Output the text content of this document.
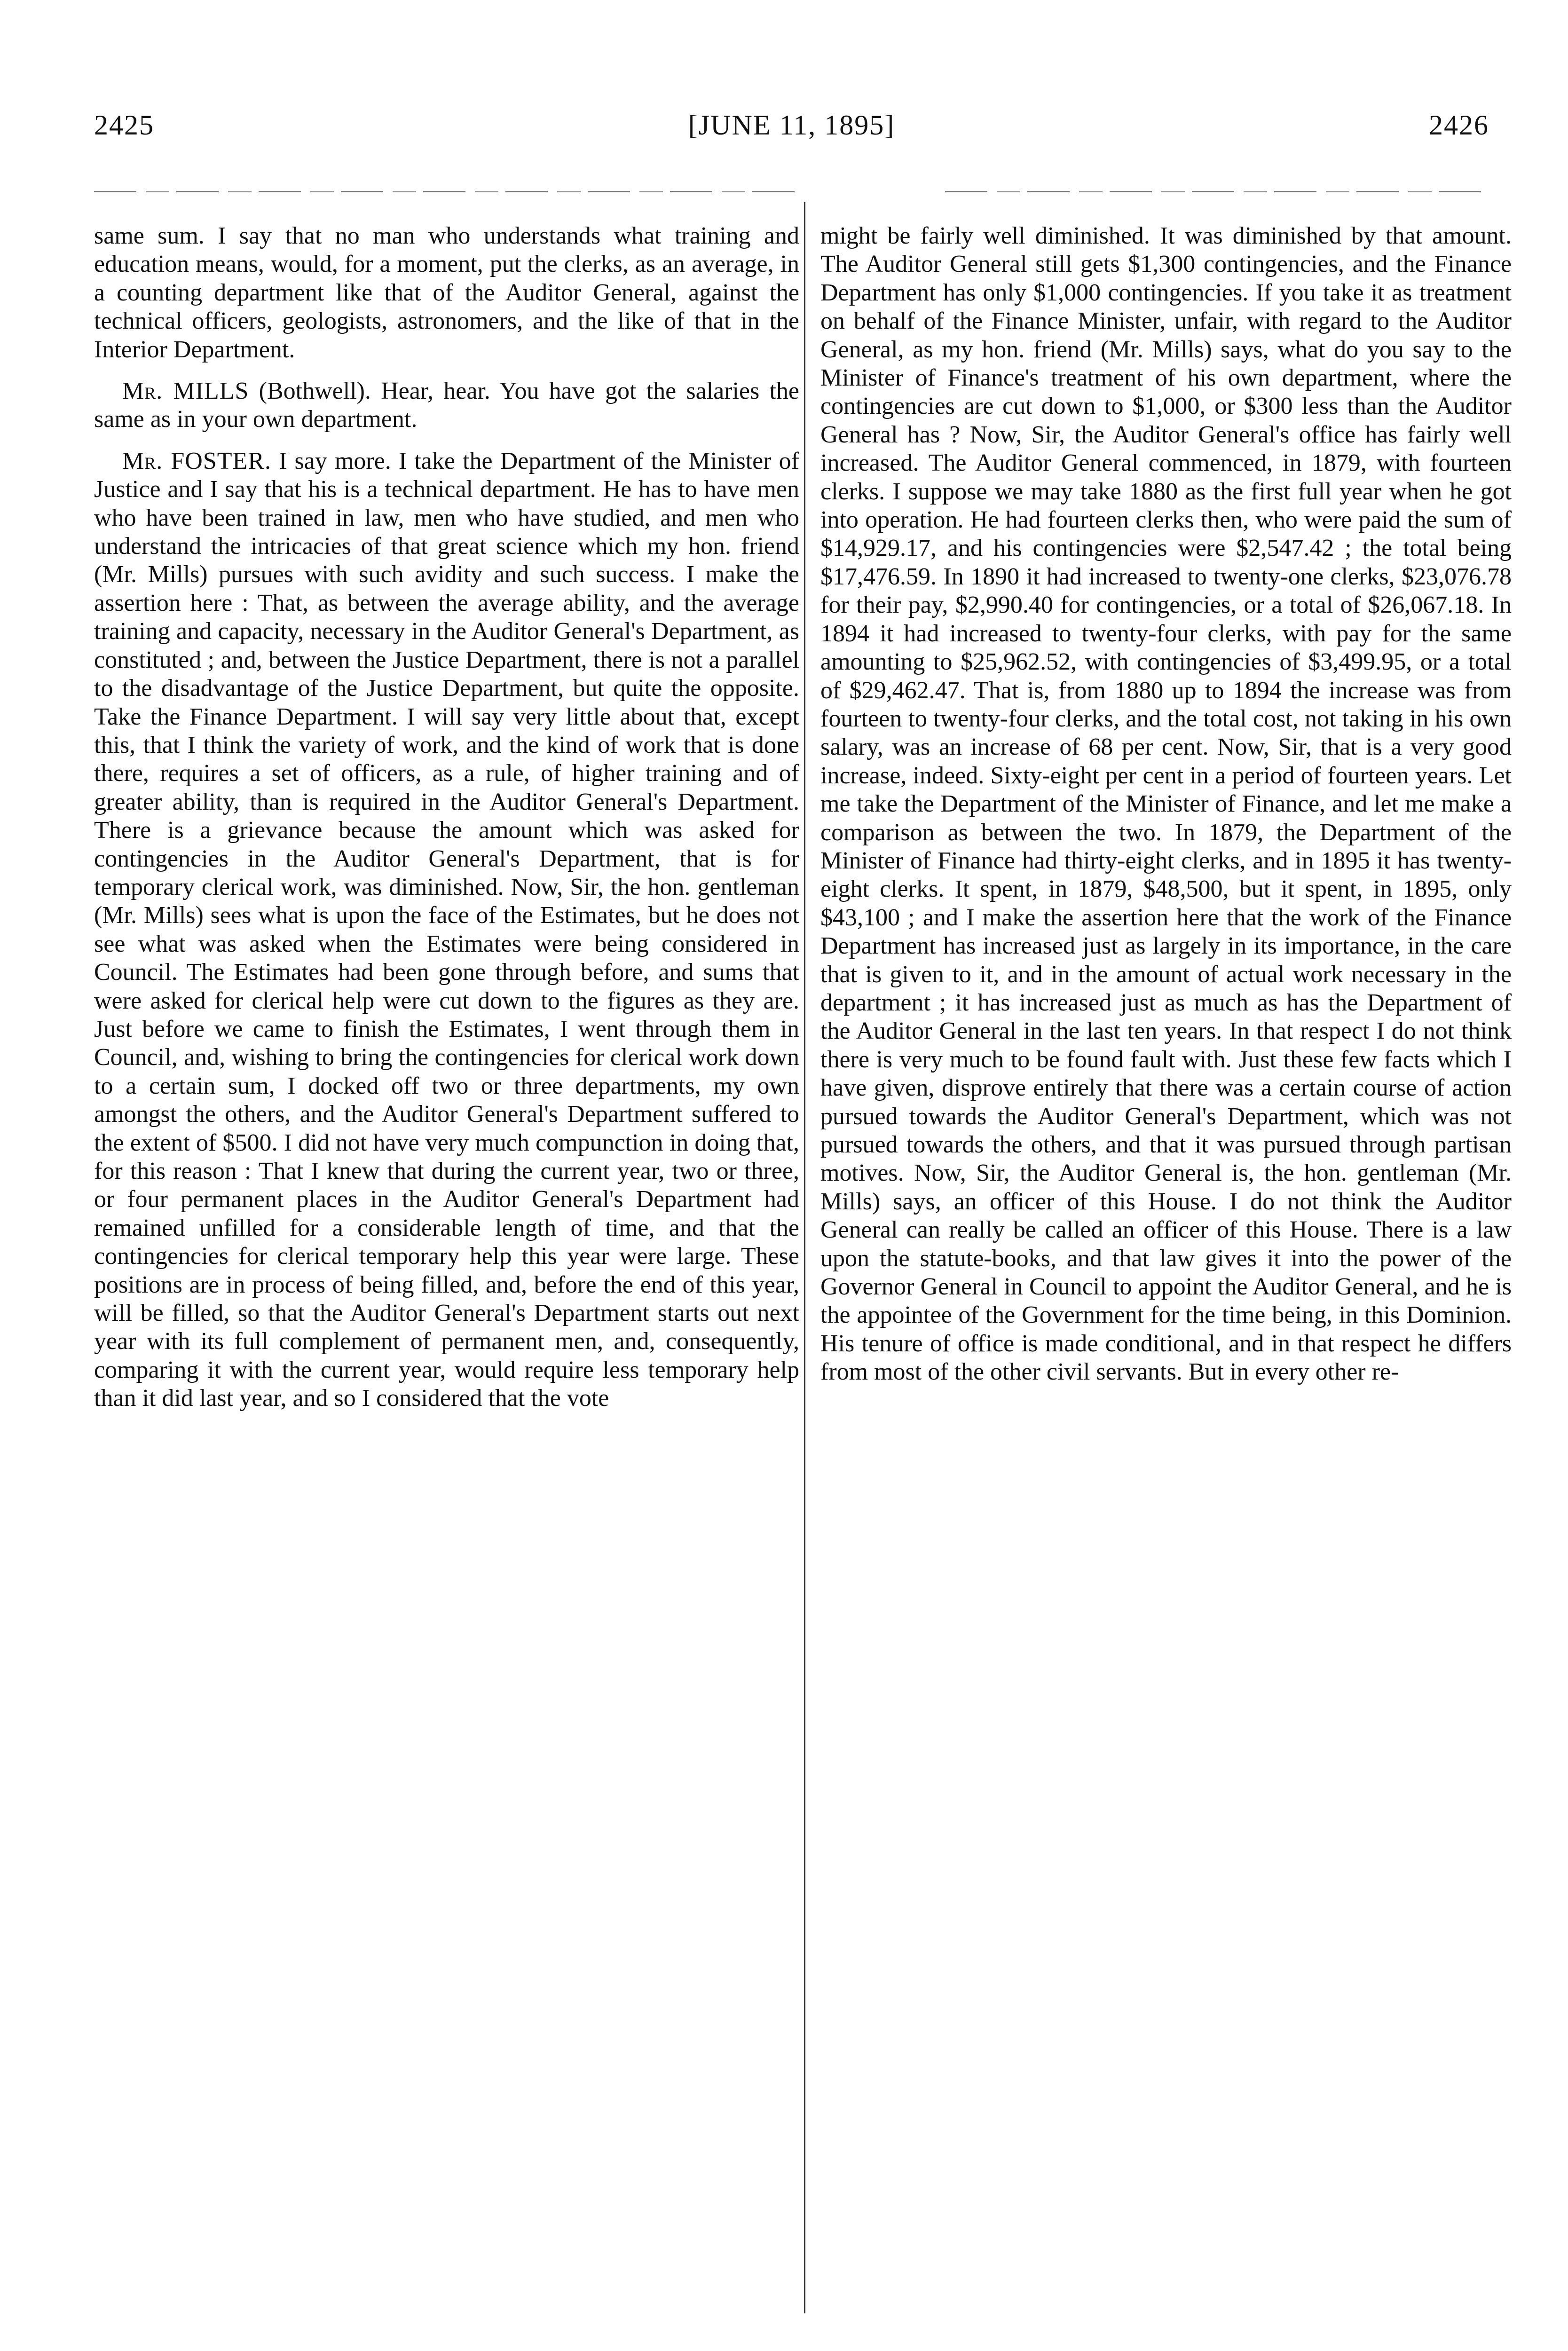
2425	[JUNE 11, 1895]	2426

same sum. I say that no man who understands what training and education means, would, for a moment, put the clerks, as an average, in a counting department like that of the Auditor General, against the technical officers, geologists, astronomers, and the like of that in the Interior Department.

Mr. MILLS (Bothwell). Hear, hear. You have got the salaries the same as in your own department.

Mr. FOSTER. I say more. I take the Department of the Minister of Justice and I say that his is a technical department. He has to have men who have been trained in law, men who have studied, and men who understand the intricacies of that great science which my hon. friend (Mr. Mills) pursues with such avidity and such success. I make the assertion here : That, as between the average ability, and the average training and capacity, necessary in the Auditor General's Department, as constituted ; and, between the Justice Department, there is not a parallel to the disadvantage of the Justice Department, but quite the opposite. Take the Finance Department. I will say very little about that, except this, that I think the variety of work, and the kind of work that is done there, requires a set of officers, as a rule, of higher training and of greater ability, than is required in the Auditor General's Department. There is a grievance because the amount which was asked for contingencies in the Auditor General's Department, that is for temporary clerical work, was diminished. Now, Sir, the hon. gentleman (Mr. Mills) sees what is upon the face of the Estimates, but he does not see what was asked when the Estimates were being considered in Council. The Estimates had been gone through before, and sums that were asked for clerical help were cut down to the figures as they are. Just before we came to finish the Estimates, I went through them in Council, and, wishing to bring the contingencies for clerical work down to a certain sum, I docked off two or three departments, my own amongst the others, and the Auditor General's Department suffered to the extent of $500. I did not have very much compunction in doing that, for this reason : That I knew that during the current year, two or three, or four permanent places in the Auditor General's Department had remained unfilled for a considerable length of time, and that the contingencies for clerical temporary help this year were large. These positions are in process of being filled, and, before the end of this year, will be filled, so that the Auditor General's Department starts out next year with its full complement of permanent men, and, consequently, comparing it with the current year, would require less temporary help than it did last year, and so I considered that the vote

might be fairly well diminished. It was diminished by that amount. The Auditor General still gets $1,300 contingencies, and the Finance Department has only $1,000 contingencies. If you take it as treatment on behalf of the Finance Minister, unfair, with regard to the Auditor General, as my hon. friend (Mr. Mills) says, what do you say to the Minister of Finance's treatment of his own department, where the contingencies are cut down to $1,000, or $300 less than the Auditor General has ? Now, Sir, the Auditor General's office has fairly well increased. The Auditor General commenced, in 1879, with fourteen clerks. I suppose we may take 1880 as the first full year when he got into operation. He had fourteen clerks then, who were paid the sum of $14,929.17, and his contingencies were $2,547.42 ; the total being $17,476.59. In 1890 it had increased to twenty-one clerks, $23,076.78 for their pay, $2,990.40 for contingencies, or a total of $26,067.18. In 1894 it had increased to twenty-four clerks, with pay for the same amounting to $25,962.52, with contingencies of $3,499.95, or a total of $29,462.47. That is, from 1880 up to 1894 the increase was from fourteen to twenty-four clerks, and the total cost, not taking in his own salary, was an increase of 68 per cent. Now, Sir, that is a very good increase, indeed. Sixty-eight per cent in a period of fourteen years. Let me take the Department of the Minister of Finance, and let me make a comparison as between the two. In 1879, the Department of the Minister of Finance had thirty-eight clerks, and in 1895 it has twenty-eight clerks. It spent, in 1879, $48,500, but it spent, in 1895, only $43,100 ; and I make the assertion here that the work of the Finance Department has increased just as largely in its importance, in the care that is given to it, and in the amount of actual work necessary in the department ; it has increased just as much as has the Department of the Auditor General in the last ten years. In that respect I do not think there is very much to be found fault with. Just these few facts which I have given, disprove entirely that there was a certain course of action pursued towards the Auditor General's Department, which was not pursued towards the others, and that it was pursued through partisan motives. Now, Sir, the Auditor General is, the hon. gentleman (Mr. Mills) says, an officer of this House. I do not think the Auditor General can really be called an officer of this House. There is a law upon the statute-books, and that law gives it into the power of the Governor General in Council to appoint the Auditor General, and he is the appointee of the Government for the time being, in this Dominion. His tenure of office is made conditional, and in that respect he differs from most of the other civil servants. But in every other re-
